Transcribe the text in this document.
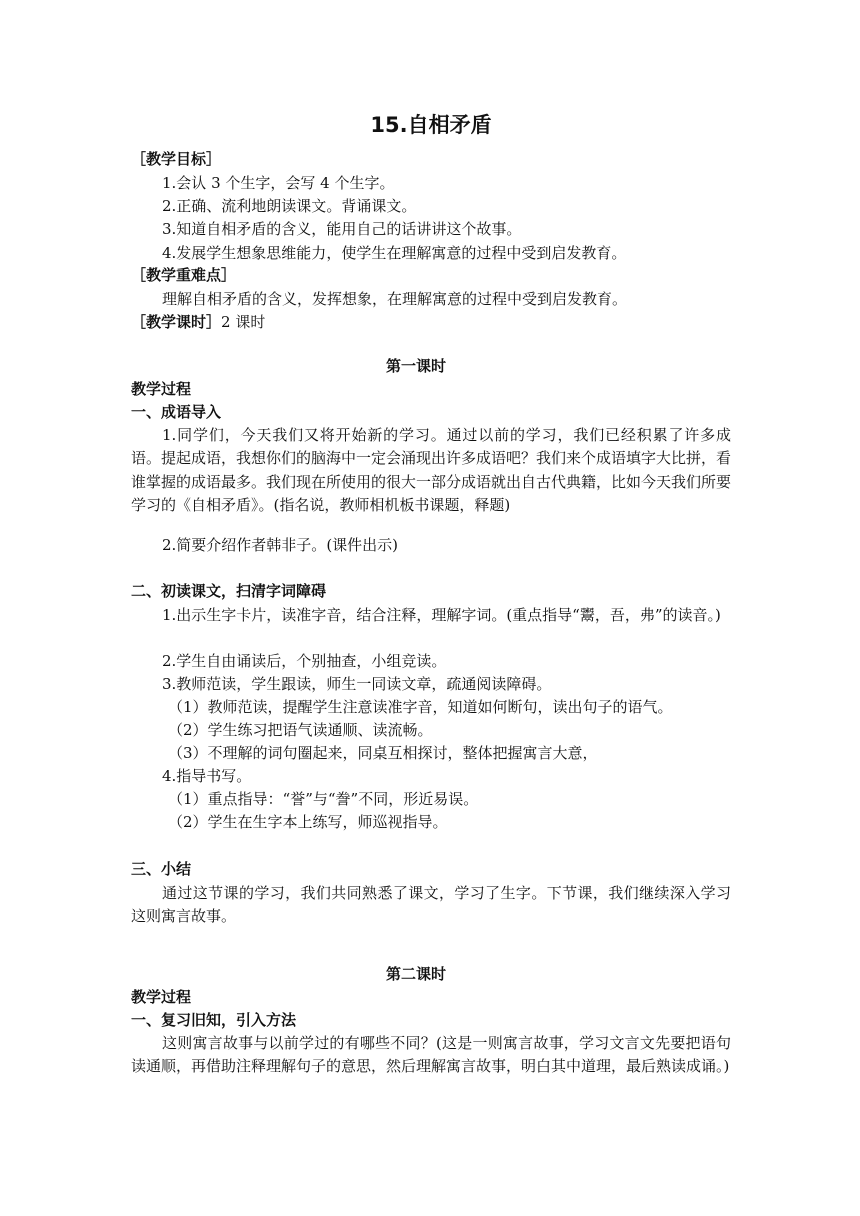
15.自相矛盾
［教学目标］
1.会认 3 个生字，会写 4 个生字。
2.正确、流利地朗读课文。背诵课文。
3.知道自相矛盾的含义，能用自己的话讲讲这个故事。
4.发展学生想象思维能力，使学生在理解寓意的过程中受到启发教育。
［教学重难点］
理解自相矛盾的含义，发挥想象，在理解寓意的过程中受到启发教育。
［教学课时］2 课时
第一课时
教学过程
一、成语导入
1.同学们，今天我们又将开始新的学习。通过以前的学习，我们已经积累了许多成语。提起成语，我想你们的脑海中一定会涌现出许多成语吧？我们来个成语填字大比拼，看谁掌握的成语最多。我们现在所使用的很大一部分成语就出自古代典籍，比如今天我们所要学习的《自相矛盾》。(指名说，教师相机板书课题，释题)
2.简要介绍作者韩非子。(课件出示)
二、初读课文，扫清字词障碍
1.出示生字卡片，读准字音，结合注释，理解字词。(重点指导“鬻，吾，弗”的读音。)
2.学生自由诵读后，个别抽查，小组竞读。
3.教师范读，学生跟读，师生一同读文章，疏通阅读障碍。
（1）教师范读，提醒学生注意读准字音，知道如何断句，读出句子的语气。
（2）学生练习把语气读通顺、读流畅。
（3）不理解的词句圈起来，同桌互相探讨，整体把握寓言大意，
4.指导书写。
（1）重点指导：“誉”与“誊”不同，形近易误。
（2）学生在生字本上练写，师巡视指导。
三、小结
通过这节课的学习，我们共同熟悉了课文，学习了生字。下节课，我们继续深入学习这则寓言故事。
第二课时
教学过程
一、复习旧知，引入方法
这则寓言故事与以前学过的有哪些不同？(这是一则寓言故事，学习文言文先要把语句读通顺，再借助注释理解句子的意思，然后理解寓言故事，明白其中道理，最后熟读成诵。)
